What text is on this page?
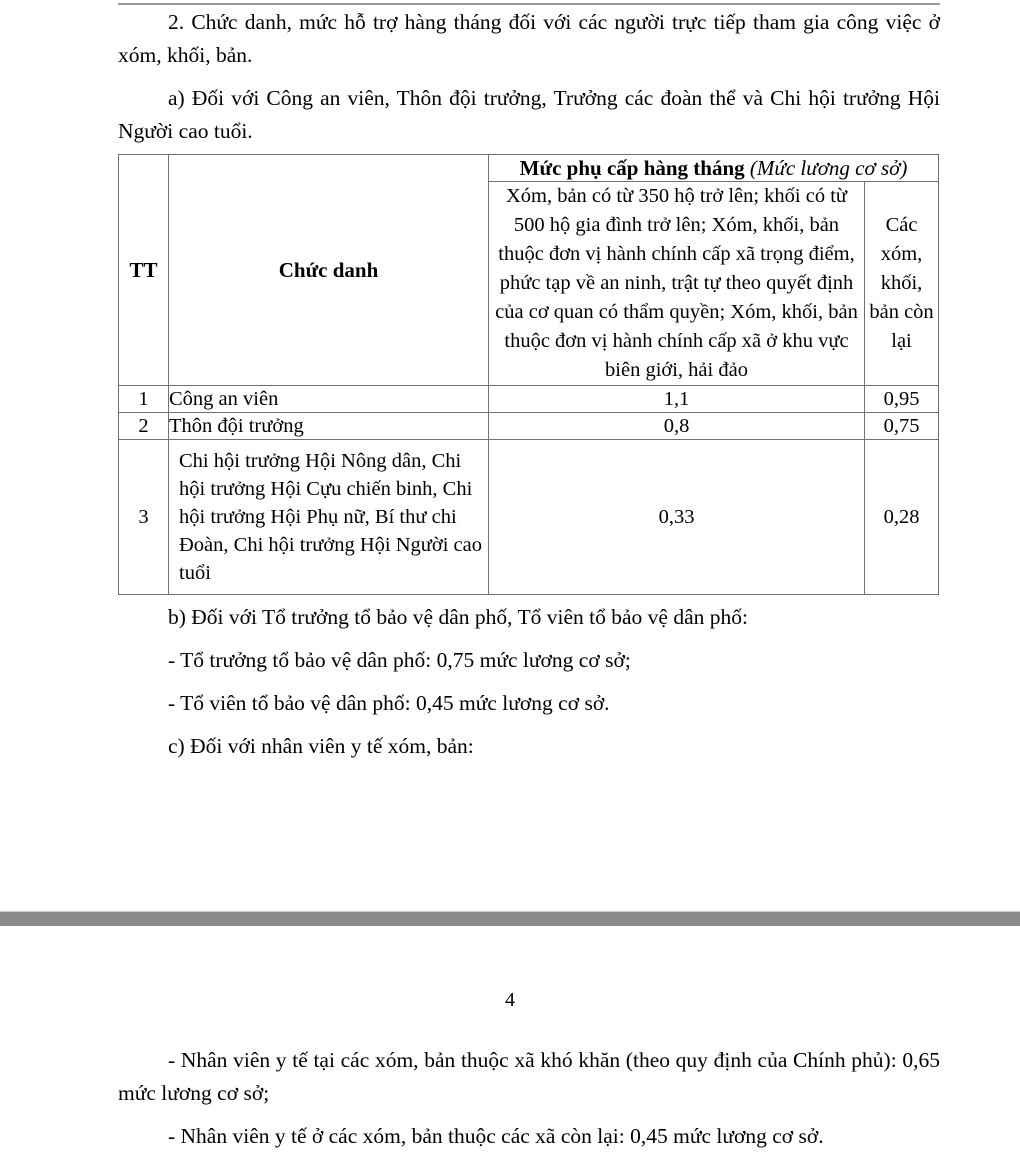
2. Chức danh, mức hỗ trợ hàng tháng đối với các người trực tiếp tham gia công việc ở xóm, khối, bản.

a) Đối với Công an viên, Thôn đội trưởng, Trưởng các đoàn thể và Chi hội trưởng Hội Người cao tuổi.

TT	Chức danh	Mức phụ cấp hàng tháng (Mức lương cơ sở)	
		Xóm, bản có từ 350 hộ trở lên; khối có từ 500 hộ gia đình trở lên; Xóm, khối, bản thuộc đơn vị hành chính cấp xã trọng điểm, phức tạp về an ninh, trật tự theo quyết định của cơ quan có thẩm quyền; Xóm, khối, bản thuộc đơn vị hành chính cấp xã ở khu vực biên giới, hải đảo	Các xóm, khối, bản còn lại
1	Công an viên	1,1	0,95
2	Thôn đội trưởng	0,8	0,75
3	Chi hội trưởng Hội Nông dân, Chi hội trưởng Hội Cựu chiến binh, Chi hội trưởng Hội Phụ nữ, Bí thư chi Đoàn, Chi hội trưởng Hội Người cao tuổi	0,33	0,28

b) Đối với Tổ trưởng tổ bảo vệ dân phố, Tổ viên tổ bảo vệ dân phố:

- Tổ trưởng tổ bảo vệ dân phố: 0,75 mức lương cơ sở;

- Tổ viên tổ bảo vệ dân phố: 0,45 mức lương cơ sở.

c) Đối với nhân viên y tế xóm, bản:

4

- Nhân viên y tế tại các xóm, bản thuộc xã khó khăn (theo quy định của Chính phủ): 0,65 mức lương cơ sở;

- Nhân viên y tế ở các xóm, bản thuộc các xã còn lại: 0,45 mức lương cơ sở.
